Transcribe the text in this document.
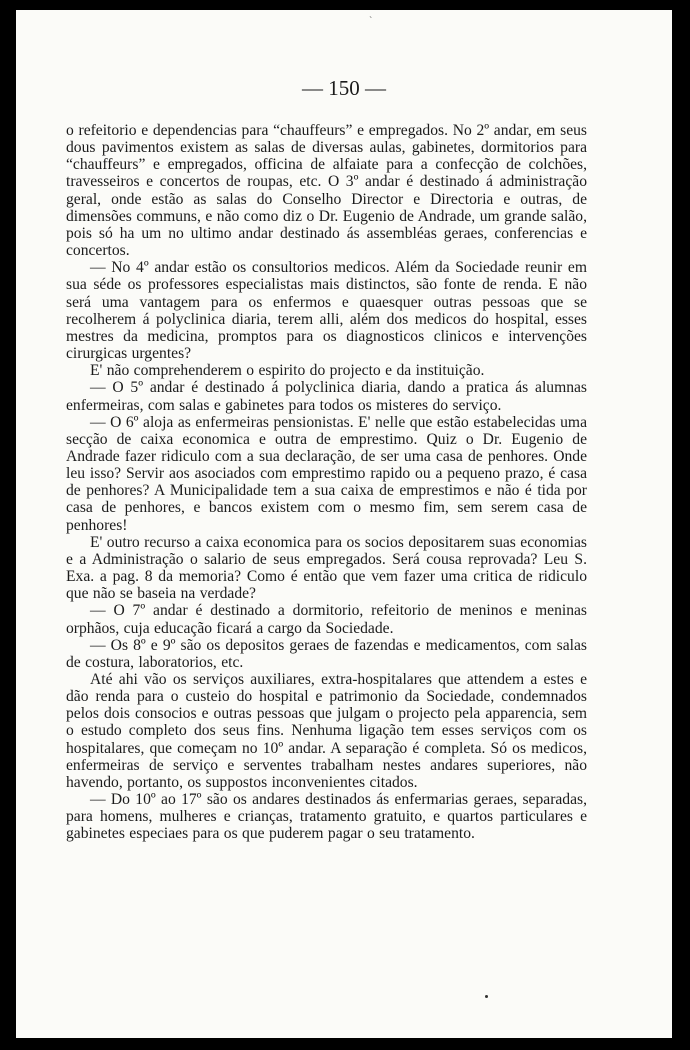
ˋ
— 150 —

o refeitorio e dependencias para “chauffeurs” e empregados. No 2º andar, em seus dous pavimentos existem as salas de diversas aulas, gabinetes, dormitorios para “chauffeurs” e empregados, officina de alfaiate para a confecção de colchões, travesseiros e concertos de roupas, etc. O 3º andar é destinado á administração geral, onde estão as salas do Conselho Director e Directoria e outras, de dimensões communs, e não como diz o Dr. Eugenio de Andrade, um grande salão, pois só ha um no ultimo andar destinado ás assembléas geraes, conferencias e concertos.

— No 4º andar estão os consultorios medicos. Além da Sociedade reunir em sua séde os professores especialistas mais distinctos, são fonte de renda. E não será uma vantagem para os enfermos e quaesquer outras pessoas que se recolherem á polyclinica diaria, terem alli, além dos medicos do hospital, esses mestres da medicina, promptos para os diagnosticos clinicos e intervenções cirurgicas urgentes?

E' não comprehenderem o espirito do projecto e da instituição.

— O 5º andar é destinado á polyclinica diaria, dando a pratica ás alumnas enfermeiras, com salas e gabinetes para todos os misteres do serviço.

— O 6º aloja as enfermeiras pensionistas. E' nelle que estão estabelecidas uma secção de caixa economica e outra de emprestimo. Quiz o Dr. Eugenio de Andrade fazer ridiculo com a sua declaração, de ser uma casa de penhores. Onde leu isso? Servir aos asociados com emprestimo rapido ou a pequeno prazo, é casa de penhores? A Municipalidade tem a sua caixa de emprestimos e não é tida por casa de penhores, e bancos existem com o mesmo fim, sem serem casa de penhores!

E' outro recurso a caixa economica para os socios depositarem suas economias e a Administração o salario de seus empregados. Será cousa reprovada? Leu S. Exa. a pag. 8 da memoria? Como é então que vem fazer uma critica de ridiculo que não se baseia na verdade?

— O 7º andar é destinado a dormitorio, refeitorio de meninos e meninas orphãos, cuja educação ficará a cargo da Sociedade.

— Os 8º e 9º são os depositos geraes de fazendas e medicamentos, com salas de costura, laboratorios, etc.

Até ahi vão os serviços auxiliares, extra-hospitalares que attendem a estes e dão renda para o custeio do hospital e patrimonio da Sociedade, condemnados pelos dois consocios e outras pessoas que julgam o projecto pela apparencia, sem o estudo completo dos seus fins. Nenhuma ligação tem esses serviços com os hospitalares, que começam no 10º andar. A separação é completa. Só os medicos, enfermeiras de serviço e serventes trabalham nestes andares superiores, não havendo, portanto, os suppostos inconvenientes citados.

— Do 10º ao 17º são os andares destinados ás enfermarias geraes, separadas, para homens, mulheres e crianças, tratamento gratuito, e quartos particulares e gabinetes especiaes para os que puderem pagar o seu tratamento.
